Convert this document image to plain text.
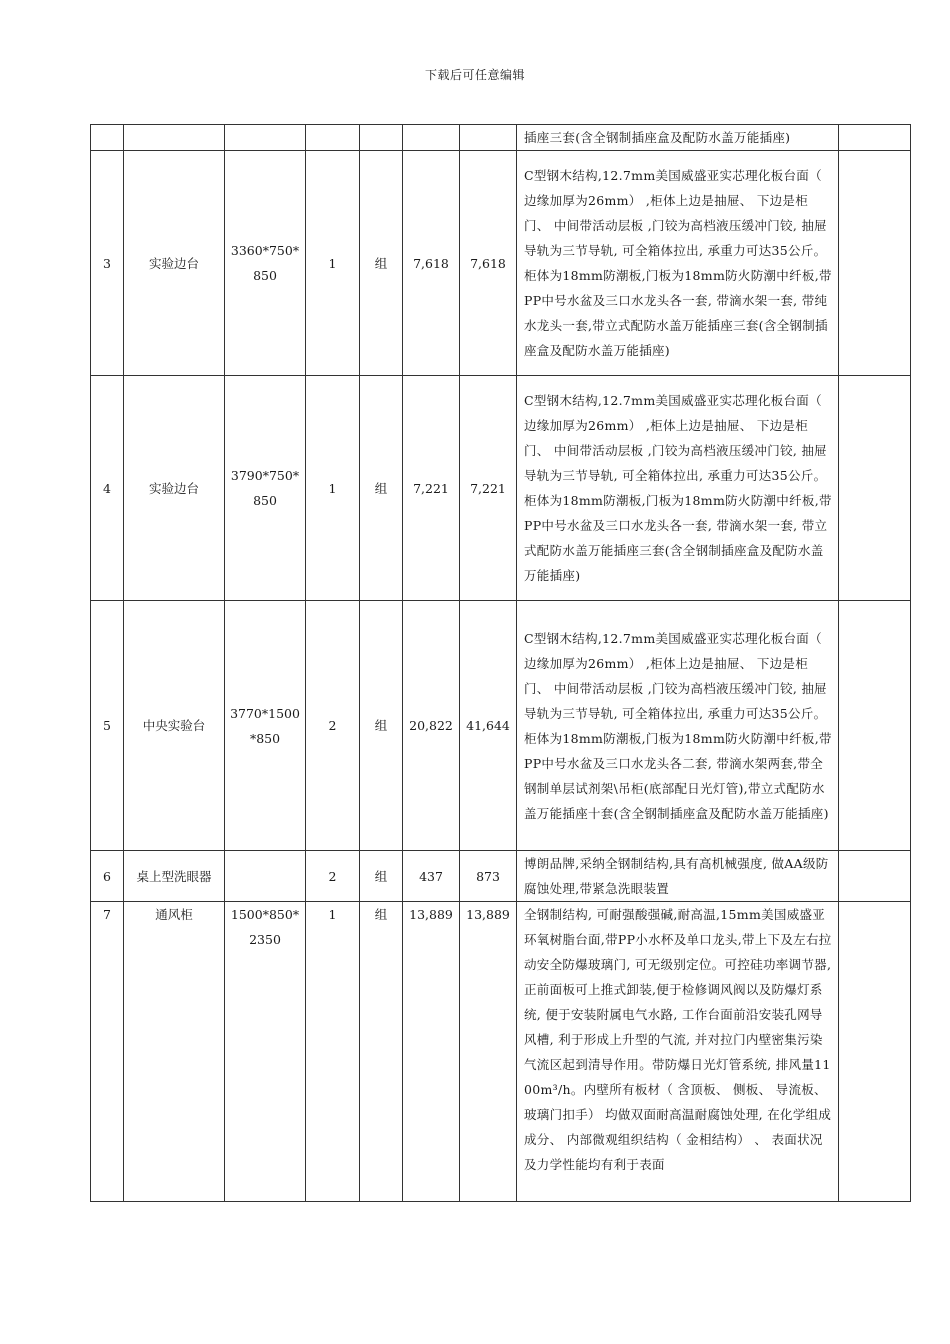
下载后可任意编辑
							插座三套(含全钢制插座盒及配防水盖万能插座)	
3	实验边台	3360*750*850	1	组	7,618	7,618	C型钢木结构,12.7mm美国威盛亚实芯理化板台面（ 边缘加厚为26mm） ,柜体上边是抽屉、 下边是柜门、 中间带活动层板 ,门铰为高档液压缓冲门铰, 抽屉导轨为三节导轨, 可全箱体拉出, 承重力可达35公斤。柜体为18mm防潮板,门板为18mm防火防潮中纤板,带PP中号水盆及三口水龙头各一套, 带滴水架一套, 带纯水龙头一套,带立式配防水盖万能插座三套(含全钢制插座盒及配防水盖万能插座)	
4	实验边台	3790*750*850	1	组	7,221	7,221	C型钢木结构,12.7mm美国威盛亚实芯理化板台面（ 边缘加厚为26mm） ,柜体上边是抽屉、 下边是柜门、 中间带活动层板 ,门铰为高档液压缓冲门铰, 抽屉导轨为三节导轨, 可全箱体拉出, 承重力可达35公斤。柜体为18mm防潮板,门板为18mm防火防潮中纤板,带PP中号水盆及三口水龙头各一套, 带滴水架一套, 带立式配防水盖万能插座三套(含全钢制插座盒及配防水盖万能插座)	
5	中央实验台	3770*1500*850	2	组	20,822	41,644	C型钢木结构,12.7mm美国威盛亚实芯理化板台面（ 边缘加厚为26mm） ,柜体上边是抽屉、 下边是柜门、 中间带活动层板 ,门铰为高档液压缓冲门铰, 抽屉导轨为三节导轨, 可全箱体拉出, 承重力可达35公斤。柜体为18mm防潮板,门板为18mm防火防潮中纤板,带PP中号水盆及三口水龙头各二套, 带滴水架两套,带全钢制单层试剂架\吊柜(底部配日光灯管),带立式配防水盖万能插座十套(含全钢制插座盒及配防水盖万能插座)	
6	桌上型洗眼器		2	组	437	873	博朗品牌,采纳全钢制结构,具有高机械强度, 做AA级防腐蚀处理,带紧急洗眼装置	
7	通风柜	1500*850*2350	1	组	13,889	13,889	全钢制结构, 可耐强酸强碱,耐高温,15mm美国威盛亚环氧树脂台面,带PP小水杯及单口龙头,带上下及左右拉动安全防爆玻璃门, 可无级别定位。可控硅功率调节器,正前面板可上推式卸装,便于检修调风阀以及防爆灯系统, 便于安装附属电气水路, 工作台面前沿安装孔网导风槽, 利于形成上升型的气流, 并对拉门内壁密集污染气流区起到清导作用。带防爆日光灯管系统, 排风量1100m³/h。内壁所有板材（ 含顶板、 侧板、 导流板、 玻璃门扣手） 均做双面耐高温耐腐蚀处理, 在化学组成成分、 内部微观组织结构（ 金相结构） 、 表面状况及力学性能均有利于表面	
